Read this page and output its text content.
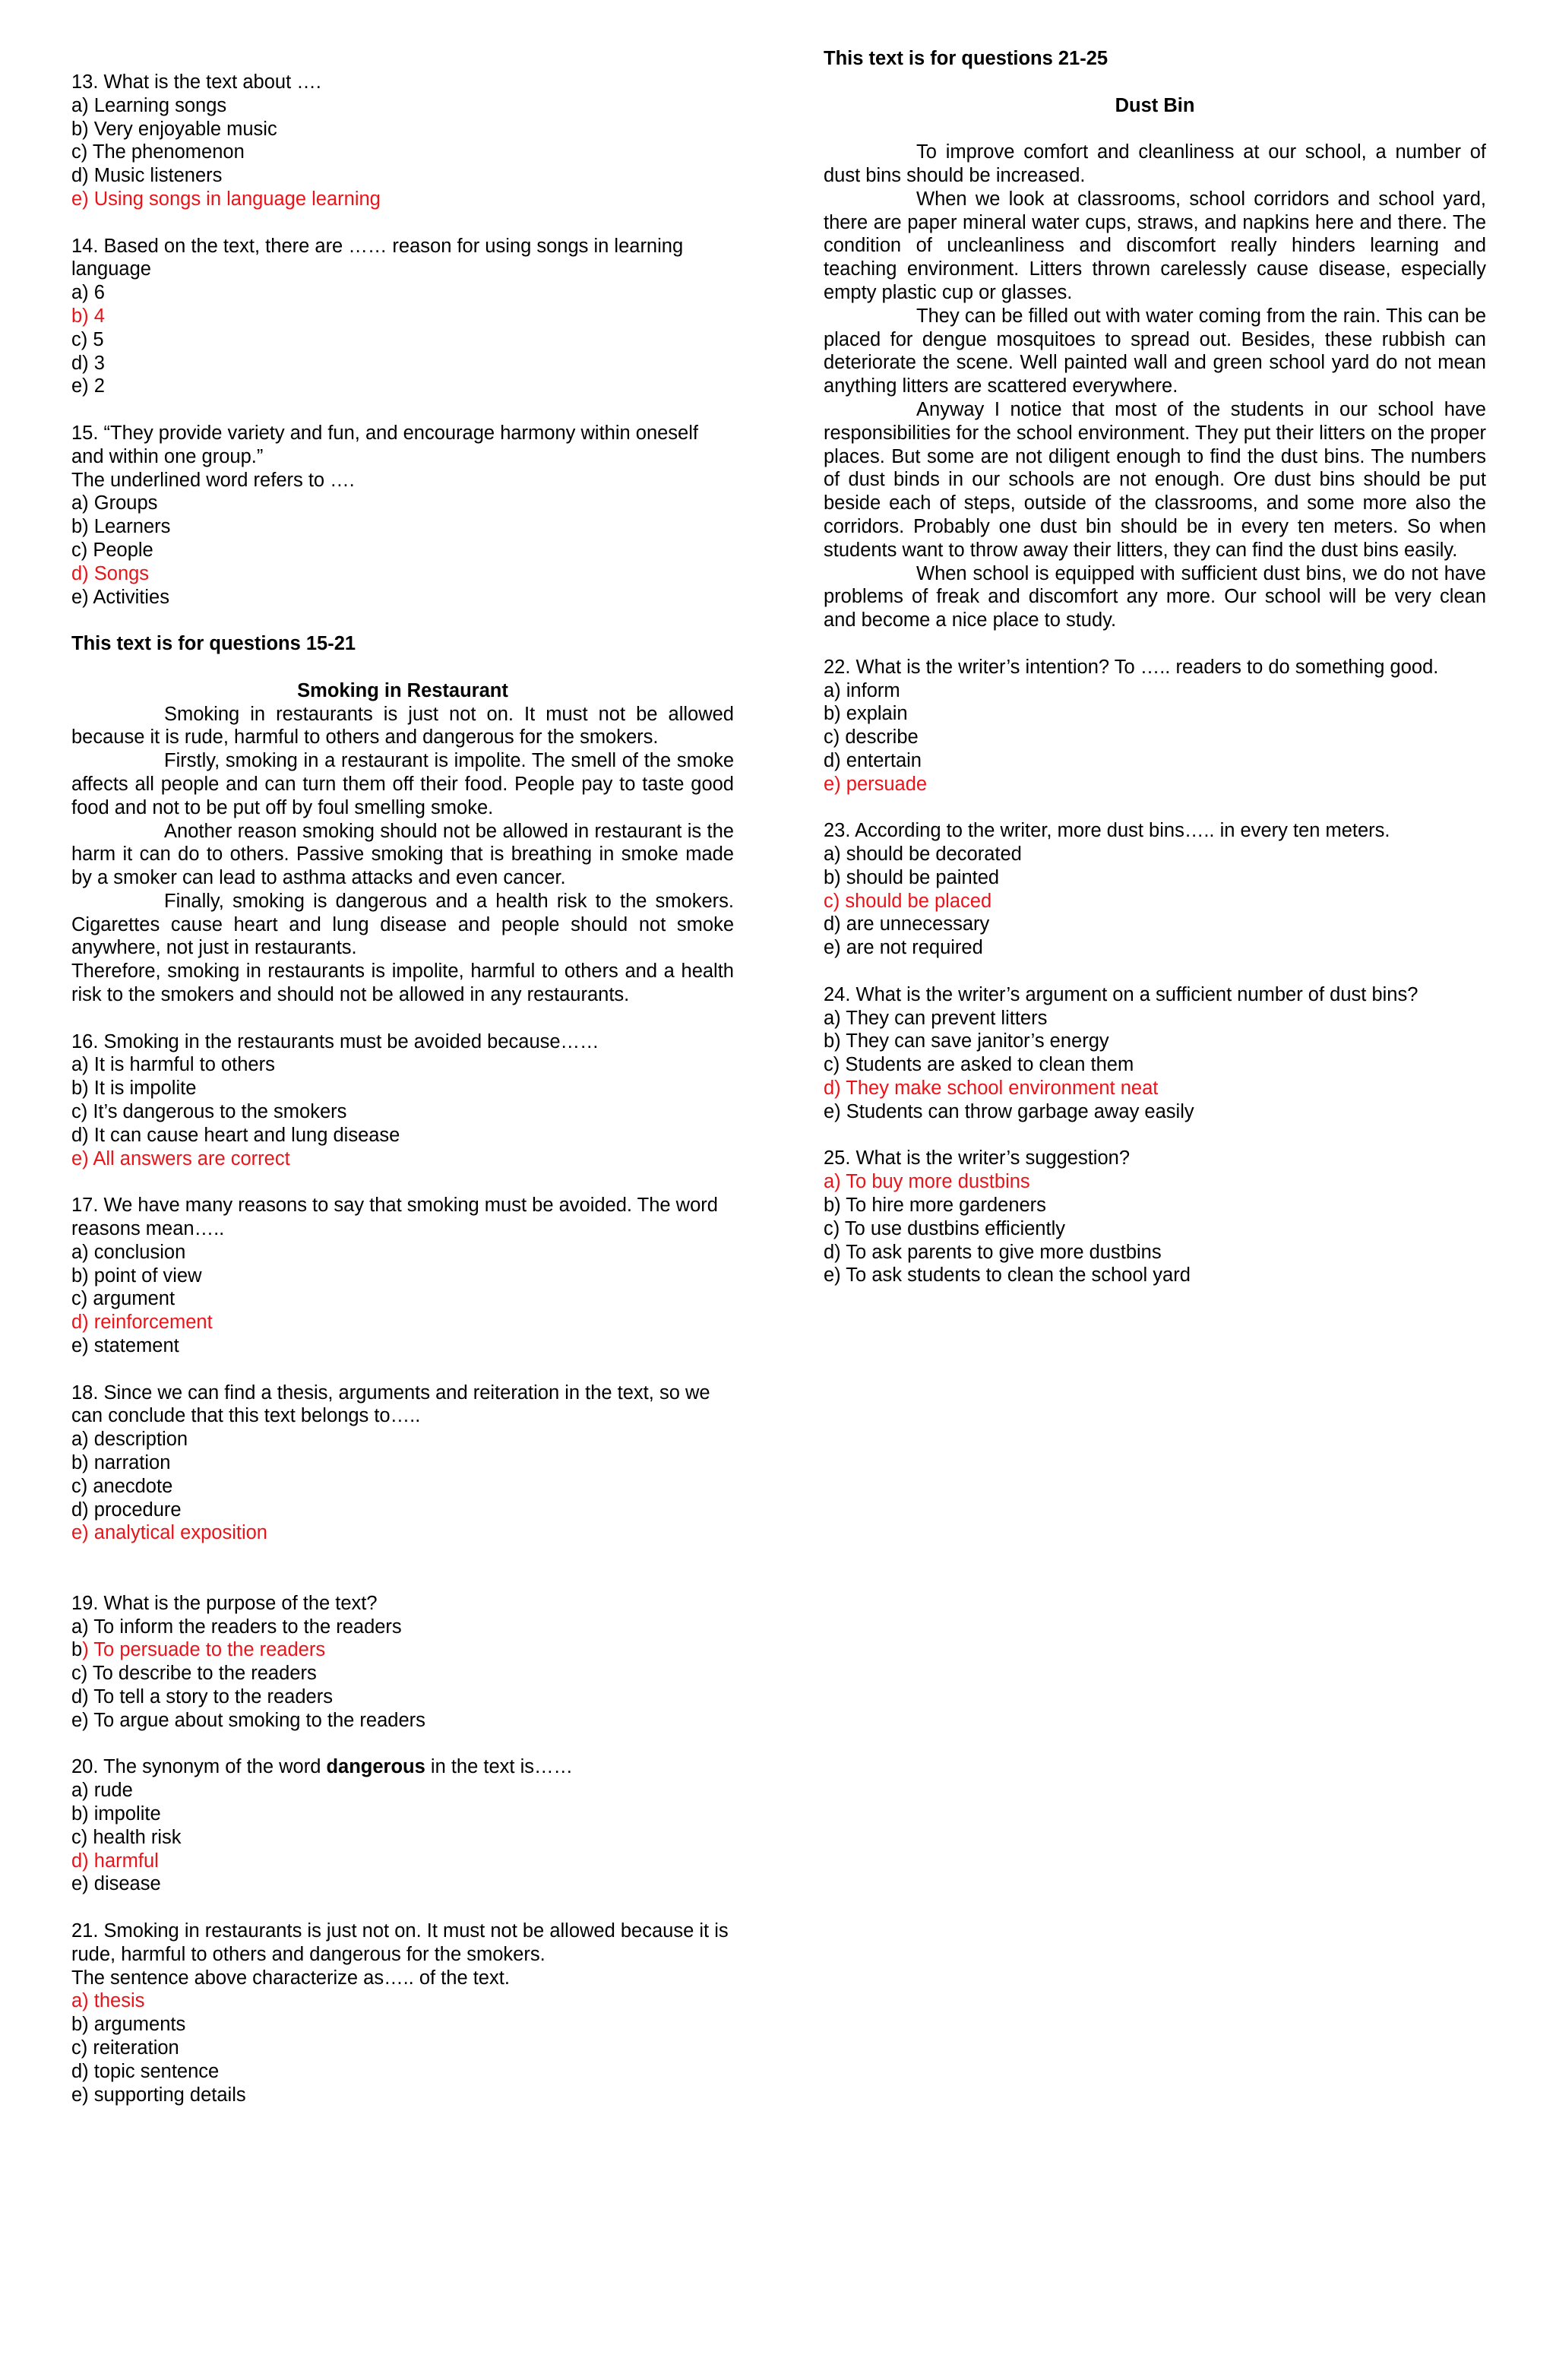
13. What is the text about ….
a) Learning songs
b) Very enjoyable music
c) The phenomenon
d) Music listeners
e) Using songs in language learning
14. Based on the text, there are …… reason for using songs in learning language
a) 6
b) 4
c) 5
d) 3
e) 2
15. “They provide variety and fun, and encourage harmony within oneself and within one group.”
The underlined word refers to ….
a) Groups
b) Learners
c) People
d) Songs
e) Activities
This text is for questions 15-21
Smoking in Restaurant
Smoking in restaurants is just not on. It must not be allowed because it is rude, harmful to others and dangerous for the smokers.
Firstly, smoking in a restaurant is impolite. The smell of the smoke affects all people and can turn them off their food. People pay to taste good food and not to be put off by foul smelling smoke.
Another reason smoking should not be allowed in restaurant is the harm it can do to others. Passive smoking that is breathing in smoke made by a smoker can lead to asthma attacks and even cancer.
Finally, smoking is dangerous and a health risk to the smokers. Cigarettes cause heart and lung disease and people should not smoke anywhere, not just in restaurants.
Therefore, smoking in restaurants is impolite, harmful to others and a health risk to the smokers and should not be allowed in any restaurants.
16. Smoking in the restaurants must be avoided because……
a) It is harmful to others
b) It is impolite
c) It’s dangerous to the smokers
d) It can cause heart and lung disease
e) All answers are correct
17. We have many reasons to say that smoking must be avoided. The word reasons mean…..
a) conclusion
b) point of view
c) argument
d) reinforcement
e) statement
18. Since we can find a thesis, arguments and reiteration in the text, so we can conclude that this text belongs to…..
a) description
b) narration
c) anecdote
d) procedure
e) analytical exposition
19. What is the purpose of the text?
a) To inform the readers to the readers
b) To persuade to the readers
c) To describe to the readers
d) To tell a story to the readers
e) To argue about smoking to the readers
20. The synonym of the word dangerous in the text is……
a) rude
b) impolite
c) health risk
d) harmful
e) disease
21. Smoking in restaurants is just not on. It must not be allowed because it is rude, harmful to others and dangerous for the smokers.
The sentence above characterize as….. of the text.
a) thesis
b) arguments
c) reiteration
d) topic sentence
e) supporting details
This text is for questions 21-25
Dust Bin
To improve comfort and cleanliness at our school, a number of dust bins should be increased.
When we look at classrooms, school corridors and school yard, there are paper mineral water cups, straws, and napkins here and there. The condition of uncleanliness and discomfort really hinders learning and teaching environment. Litters thrown carelessly cause disease, especially empty plastic cup or glasses.
They can be filled out with water coming from the rain. This can be placed for dengue mosquitoes to spread out. Besides, these rubbish can deteriorate the scene. Well painted wall and green school yard do not mean anything litters are scattered everywhere.
Anyway I notice that most of the students in our school have responsibilities for the school environment. They put their litters on the proper places. But some are not diligent enough to find the dust bins. The numbers of dust binds in our schools are not enough. Ore dust bins should be put beside each of steps, outside of the classrooms, and some more also the corridors. Probably one dust bin should be in every ten meters. So when students want to throw away their litters, they can find the dust bins easily.
When school is equipped with sufficient dust bins, we do not have problems of freak and discomfort any more. Our school will be very clean and become a nice place to study.
22. What is the writer’s intention? To ….. readers to do something good.
a) inform
b) explain
c) describe
d) entertain
e) persuade
23. According to the writer, more dust bins….. in every ten meters.
a) should be decorated
b) should be painted
c) should be placed
d) are unnecessary
e) are not required
24. What is the writer’s argument on a sufficient number of dust bins?
a) They can prevent litters
b) They can save janitor’s energy
c) Students are asked to clean them
d) They make school environment neat
e) Students can throw garbage away easily
25. What is the writer’s suggestion?
a) To buy more dustbins
b) To hire more gardeners
c) To use dustbins efficiently
d) To ask parents to give more dustbins
e) To ask students to clean the school yard
